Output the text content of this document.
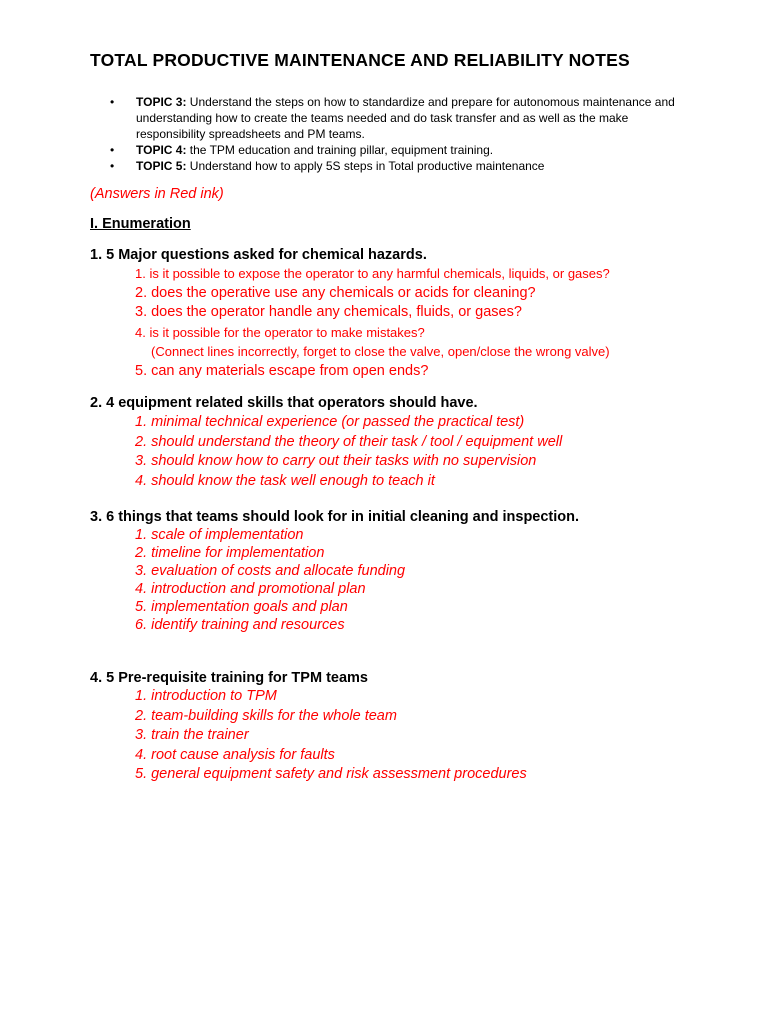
TOTAL PRODUCTIVE MAINTENANCE AND RELIABILITY NOTES
• TOPIC 3: Understand the steps on how to standardize and prepare for autonomous maintenance and understanding how to create the teams needed and do task transfer and as well as the make responsibility spreadsheets and PM teams.
• TOPIC 4: the TPM education and training pillar, equipment training.
• TOPIC 5: Understand how to apply 5S steps in Total productive maintenance
(Answers in Red ink)
I. Enumeration
1. 5 Major questions asked for chemical hazards.
1. is it possible to expose the operator to any harmful chemicals, liquids, or gases?
2. does the operative use any chemicals or acids for cleaning?
3. does the operator handle any chemicals, fluids, or gases?
4. is it possible for the operator to make mistakes?
(Connect lines incorrectly, forget to close the valve, open/close the wrong valve)
5. can any materials escape from open ends?
2. 4 equipment related skills that operators should have.
1. minimal technical experience (or passed the practical test)
2. should understand the theory of their task / tool / equipment well
3. should know how to carry out their tasks with no supervision
4. should know the task well enough to teach it
3. 6 things that teams should look for in initial cleaning and inspection.
1. scale of implementation
2. timeline for implementation
3. evaluation of costs and allocate funding
4. introduction and promotional plan
5. implementation goals and plan
6. identify training and resources
4. 5 Pre-requisite training for TPM teams
1. introduction to TPM
2. team-building skills for the whole team
3. train the trainer
4. root cause analysis for faults
5. general equipment safety and risk assessment procedures
